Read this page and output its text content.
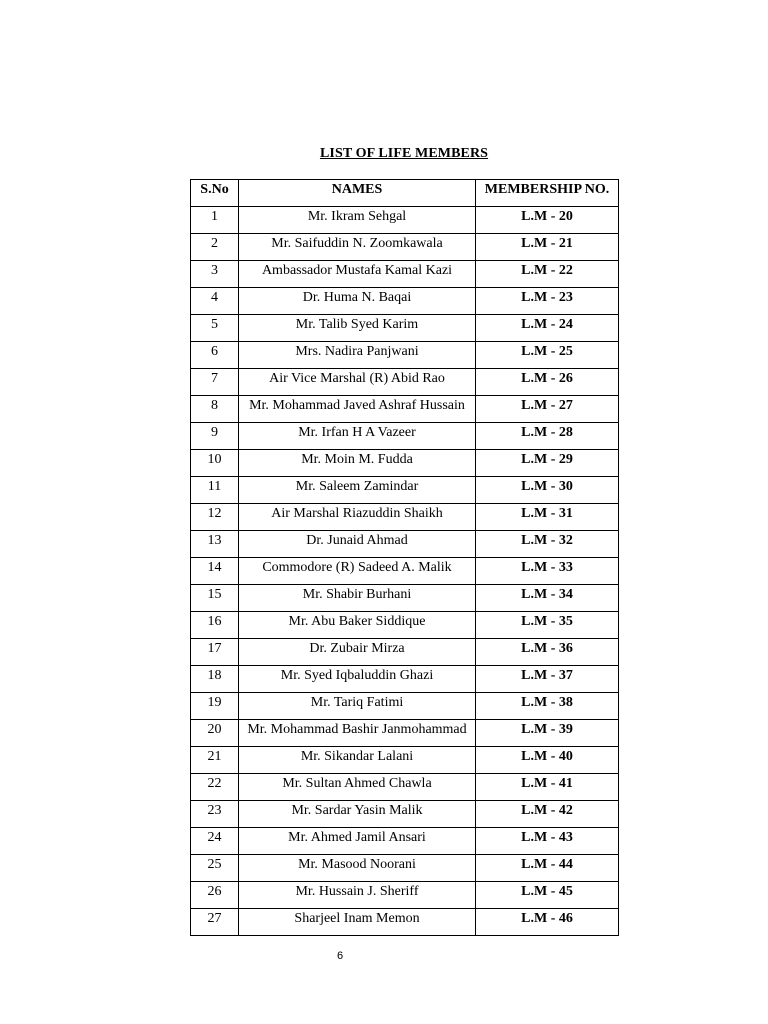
LIST OF LIFE MEMBERS
S.No	NAMES	MEMBERSHIP NO.
1	Mr. Ikram Sehgal	L.M - 20
2	Mr. Saifuddin N. Zoomkawala	L.M - 21
3	Ambassador Mustafa Kamal Kazi	L.M - 22
4	Dr. Huma N. Baqai	L.M - 23
5	Mr. Talib Syed Karim	L.M - 24
6	Mrs. Nadira Panjwani	L.M - 25
7	Air Vice Marshal (R) Abid Rao	L.M - 26
8	Mr. Mohammad Javed Ashraf Hussain	L.M - 27
9	Mr. Irfan H A Vazeer	L.M - 28
10	Mr. Moin M. Fudda	L.M - 29
11	Mr. Saleem Zamindar	L.M - 30
12	Air Marshal Riazuddin Shaikh	L.M - 31
13	Dr. Junaid Ahmad	L.M - 32
14	Commodore (R) Sadeed A. Malik	L.M - 33
15	Mr. Shabir Burhani	L.M - 34
16	Mr. Abu Baker Siddique	L.M - 35
17	Dr. Zubair Mirza	L.M - 36
18	Mr. Syed Iqbaluddin Ghazi	L.M - 37
19	Mr. Tariq Fatimi	L.M - 38
20	Mr. Mohammad Bashir Janmohammad	L.M - 39
21	Mr. Sikandar Lalani	L.M - 40
22	Mr. Sultan Ahmed Chawla	L.M - 41
23	Mr. Sardar Yasin Malik	L.M - 42
24	Mr. Ahmed Jamil Ansari	L.M - 43
25	Mr. Masood Noorani	L.M - 44
26	Mr. Hussain J. Sheriff	L.M - 45
27	Sharjeel Inam Memon	L.M - 46
6
